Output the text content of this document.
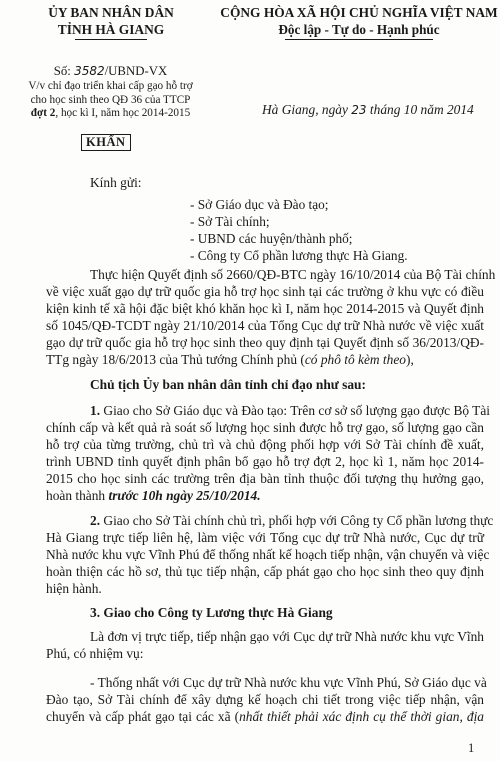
ỦY BAN NHÂN DÂN
TỈNH HÀ GIANG
CỘNG HÒA XÃ HỘI CHỦ NGHĨA VIỆT NAM
Độc lập - Tự do - Hạnh phúc
Số: 3582/UBND-VX
V/v chỉ đạo triển khai cấp gạo hỗ trợ
cho học sinh theo QĐ 36 của TTCP
đợt 2, học kì I, năm học 2014-2015
KHẨN
Hà Giang, ngày 23 tháng 10 năm 2014
Kính gửi:
- Sở Giáo dục và Đào tạo;
- Sở Tài chính;
- UBND các huyện/thành phố;
- Công ty Cổ phần lương thực Hà Giang.
Thực hiện Quyết định số 2660/QĐ-BTC ngày 16/10/2014 của Bộ Tài chính
về việc xuất gạo dự trữ quốc gia hỗ trợ học sinh tại các trường ở khu vực có điều
kiện kinh tế xã hội đặc biệt khó khăn học kì I, năm học 2014-2015 và Quyết định
số 1045/QĐ-TCDT ngày 21/10/2014 của Tổng Cục dự trữ Nhà nước về việc xuất
gạo dự trữ quốc gia hỗ trợ học sinh theo quy định tại Quyết định số 36/2013/QĐ-
TTg ngày 18/6/2013 của Thủ tướng Chính phủ (có phô tô kèm theo),
Chủ tịch Ủy ban nhân dân tỉnh chỉ đạo như sau:
1. Giao cho Sở Giáo dục và Đào tạo: Trên cơ sở số lượng gạo được Bộ Tài
chính cấp và kết quả rà soát số lượng học sinh được hỗ trợ gạo, số lượng gạo cần
hỗ trợ của từng trường, chủ trì và chủ động phối hợp với Sở Tài chính đề xuất,
trình UBND tỉnh quyết định phân bổ gạo hỗ trợ đợt 2, học kì 1, năm học 2014-
2015 cho học sinh các trường trên địa bàn tỉnh thuộc đối tượng thụ hưởng gạo,
hoàn thành trước 10h ngày 25/10/2014.
2. Giao cho Sở Tài chính chủ trì, phối hợp với Công ty Cổ phần lương thực
Hà Giang trực tiếp liên hệ, làm việc với Tổng cục dự trữ Nhà nước, Cục dự trữ
Nhà nước khu vực Vĩnh Phú để thống nhất kế hoạch tiếp nhận, vận chuyển và việc
hoàn thiện các hồ sơ, thủ tục tiếp nhận, cấp phát gạo cho học sinh theo quy định
hiện hành.
3. Giao cho Công ty Lương thực Hà Giang
Là đơn vị trực tiếp, tiếp nhận gạo với Cục dự trữ Nhà nước khu vực Vĩnh
Phú, có nhiệm vụ:
- Thống nhất với Cục dự trữ Nhà nước khu vực Vĩnh Phú, Sở Giáo dục và
Đào tạo, Sở Tài chính để xây dựng kế hoạch chi tiết trong việc tiếp nhận, vận
chuyển và cấp phát gạo tại các xã (nhất thiết phải xác định cụ thể thời gian, địa
1
